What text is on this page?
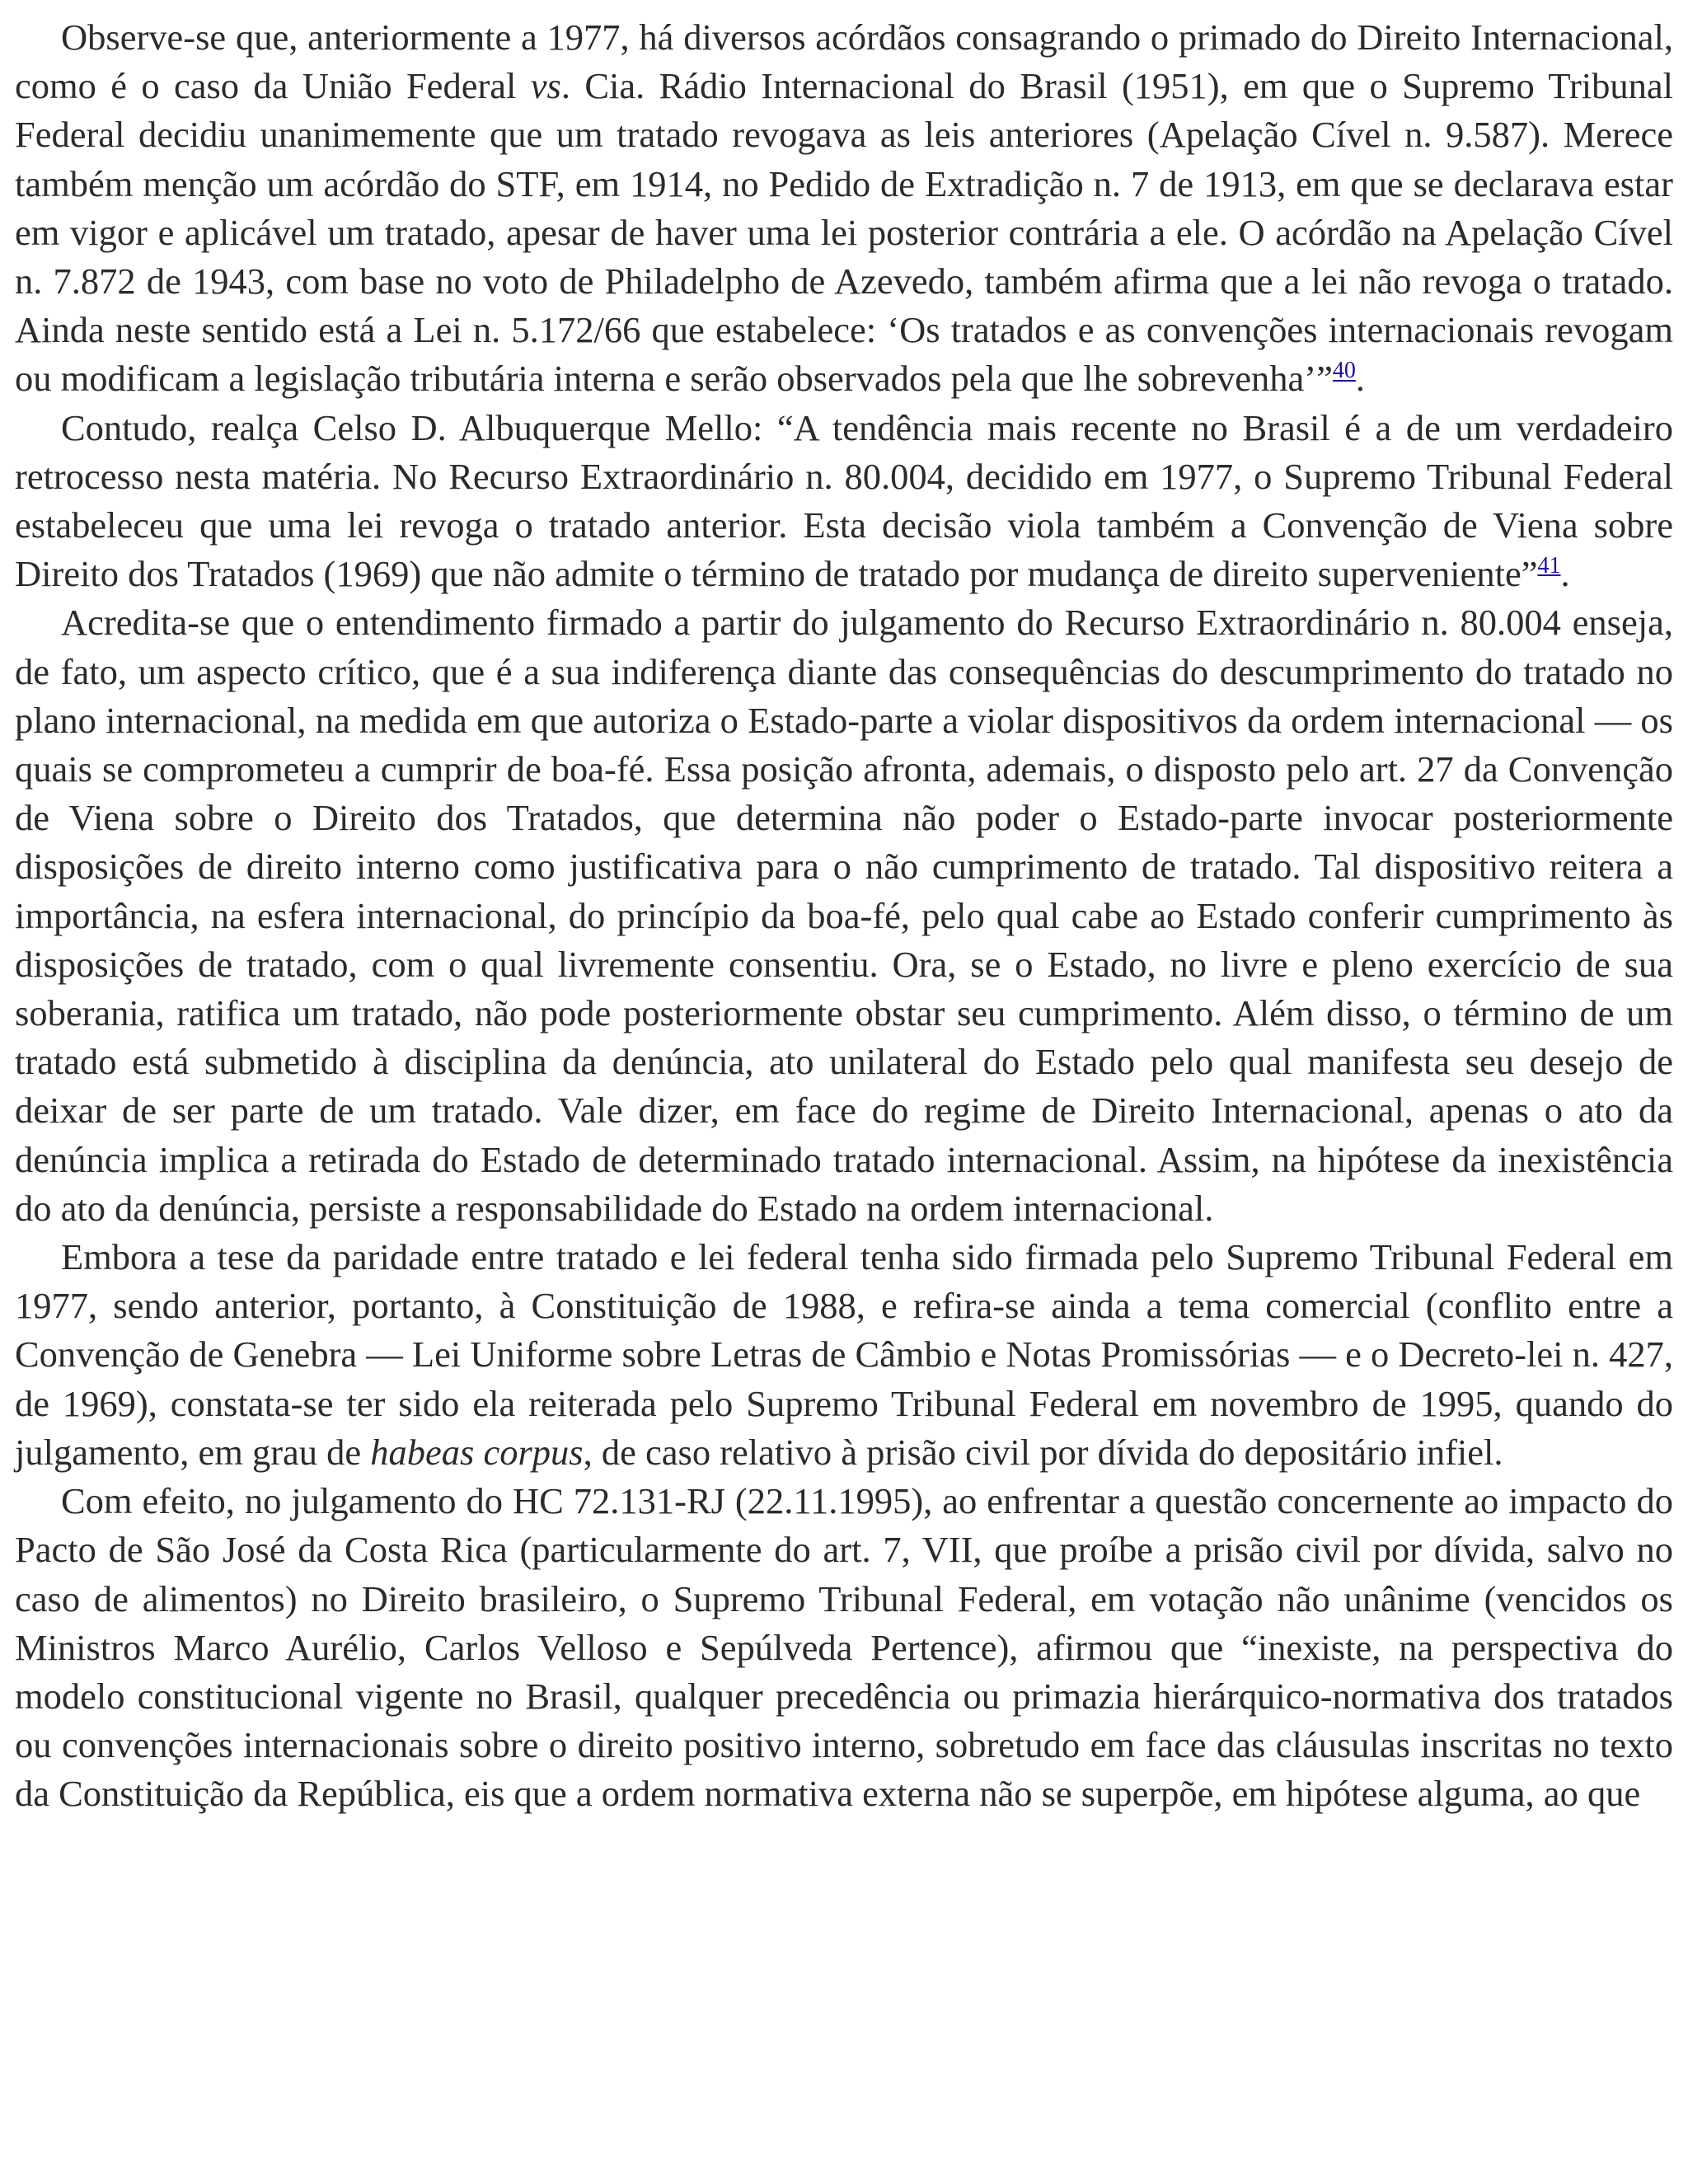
Observe-se que, anteriormente a 1977, há diversos acórdãos consagrando o primado do Direito Internacional, como é o caso da União Federal vs. Cia. Rádio Internacional do Brasil (1951), em que o Supremo Tribunal Federal decidiu unanimemente que um tratado revogava as leis anteriores (Apelação Cível n. 9.587). Merece também menção um acórdão do STF, em 1914, no Pedido de Extradição n. 7 de 1913, em que se declarava estar em vigor e aplicável um tratado, apesar de haver uma lei posterior contrária a ele. O acórdão na Apelação Cível n. 7.872 de 1943, com base no voto de Philadelpho de Azevedo, também afirma que a lei não revoga o tratado. Ainda neste sentido está a Lei n. 5.172/66 que estabelece: ‘Os tratados e as convenções internacionais revogam ou modificam a legislação tributária interna e serão observados pela que lhe sobrevenha’”$^{40}$.

Contudo, realça Celso D. Albuquerque Mello: “A tendência mais recente no Brasil é a de um verdadeiro retrocesso nesta matéria. No Recurso Extraordinário n. 80.004, decidido em 1977, o Supremo Tribunal Federal estabeleceu que uma lei revoga o tratado anterior. Esta decisão viola também a Convenção de Viena sobre Direito dos Tratados (1969) que não admite o término de tratado por mudança de direito superveniente”$^{41}$.

Acredita-se que o entendimento firmado a partir do julgamento do Recurso Extraordinário n. 80.004 enseja, de fato, um aspecto crítico, que é a sua indiferença diante das consequências do descumprimento do tratado no plano internacional, na medida em que autoriza o Estado-parte a violar dispositivos da ordem internacional — os quais se comprometeu a cumprir de boa-fé. Essa posição afronta, ademais, o disposto pelo art. 27 da Convenção de Viena sobre o Direito dos Tratados, que determina não poder o Estado-parte invocar posteriormente disposições de direito interno como justificativa para o não cumprimento de tratado. Tal dispositivo reitera a importância, na esfera internacional, do princípio da boa-fé, pelo qual cabe ao Estado conferir cumprimento às disposições de tratado, com o qual livremente consentiu. Ora, se o Estado, no livre e pleno exercício de sua soberania, ratifica um tratado, não pode posteriormente obstar seu cumprimento. Além disso, o término de um tratado está submetido à disciplina da denúncia, ato unilateral do Estado pelo qual manifesta seu desejo de deixar de ser parte de um tratado. Vale dizer, em face do regime de Direito Internacional, apenas o ato da denúncia implica a retirada do Estado de determinado tratado internacional. Assim, na hipótese da inexistência do ato da denúncia, persiste a responsabilidade do Estado na ordem internacional.

Embora a tese da paridade entre tratado e lei federal tenha sido firmada pelo Supremo Tribunal Federal em 1977, sendo anterior, portanto, à Constituição de 1988, e refira-se ainda a tema comercial (conflito entre a Convenção de Genebra — Lei Uniforme sobre Letras de Câmbio e Notas Promissórias — e o Decreto-lei n. 427, de 1969), constata-se ter sido ela reiterada pelo Supremo Tribunal Federal em novembro de 1995, quando do julgamento, em grau de habeas corpus, de caso relativo à prisão civil por dívida do depositário infiel.

Com efeito, no julgamento do HC 72.131-RJ (22.11.1995), ao enfrentar a questão concernente ao impacto do Pacto de São José da Costa Rica (particularmente do art. 7, VII, que proíbe a prisão civil por dívida, salvo no caso de alimentos) no Direito brasileiro, o Supremo Tribunal Federal, em votação não unânime (vencidos os Ministros Marco Aurélio, Carlos Velloso e Sepúlveda Pertence), afirmou que “inexiste, na perspectiva do modelo constitucional vigente no Brasil, qualquer precedência ou primazia hierárquico-normativa dos tratados ou convenções internacionais sobre o direito positivo interno, sobretudo em face das cláusulas inscritas no texto da Constituição da República, eis que a ordem normativa externa não se superpõe, em hipótese alguma, ao que
